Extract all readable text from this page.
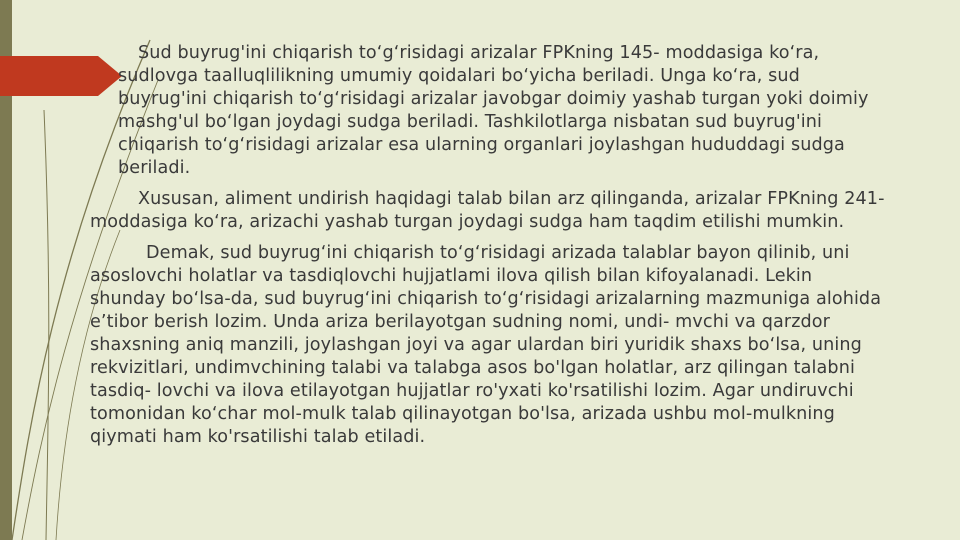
Sud buyrug'ini chiqarish to‘g‘risidagi arizalar FPKning 145- moddasiga ko‘ra, sudlovga taalluqlilikning umumiy qoidalari bo‘yicha beriladi. Unga ko‘ra, sud buyrug'ini chiqarish to‘g‘risidagi arizalar javobgar doimiy yashab turgan yoki doimiy mashg'ul bo‘lgan joydagi sudga beriladi. Tashkilotlarga nisbatan sud buyrug'ini chiqarish to‘g‘risidagi arizalar esa ularning organlari joylashgan hududdagi sudga beriladi.

Xususan, aliment undirish haqidagi talab bilan arz qilinganda, arizalar FPKning 241-moddasiga ko‘ra, arizachi yashab turgan joydagi sudga ham taqdim etilishi mumkin.

Demak, sud buyrug‘ini chiqarish to‘g‘risidagi arizada talablar bayon qilinib, uni asoslovchi holatlar va tasdiqlovchi hujjatlami ilova qilish bilan kifoyalanadi. Lekin shunday bo‘lsa-da, sud buyrug‘ini chiqarish to‘g‘risidagi arizalarning mazmuniga alohida e’tibor berish lozim. Unda ariza berilayotgan sudning nomi, undi- mvchi va qarzdor shaxsning aniq manzili, joylashgan joyi va agar ulardan biri yuridik shaxs bo‘lsa, uning rekvizitlari, undimvchining talabi va talabga asos bo'lgan holatlar, arz qilingan talabni tasdiq- lovchi va ilova etilayotgan hujjatlar ro'yxati ko'rsatilishi lozim. Agar undiruvchi tomonidan ko‘char mol-mulk talab qilinayotgan bo'lsa, arizada ushbu mol-mulkning qiymati ham ko'rsatilishi talab etiladi.
